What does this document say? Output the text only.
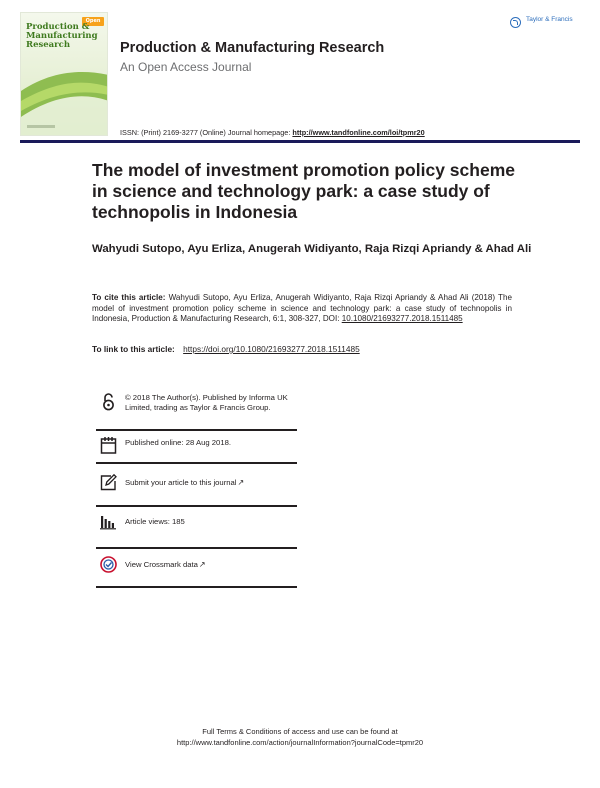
Open
Production &
Manufacturing
Research	Production & Manufacturing Research
An Open Access Journal
Taylor & Francis
ISSN: (Print) 2169-3277 (Online) Journal homepage: http://www.tandfonline.com/loi/tpmr20
The model of investment promotion policy scheme in science and technology park: a case study of technopolis in Indonesia
Wahyudi Sutopo, Ayu Erliza, Anugerah Widiyanto, Raja Rizqi Apriandy & Ahad Ali
To cite this article: Wahyudi Sutopo, Ayu Erliza, Anugerah Widiyanto, Raja Rizqi Apriandy & Ahad Ali (2018) The model of investment promotion policy scheme in science and technology park: a case study of technopolis in Indonesia, Production & Manufacturing Research, 6:1, 308-327, DOI: 10.1080/21693277.2018.1511485
To link to this article: https://doi.org/10.1080/21693277.2018.1511485
© 2018 The Author(s). Published by Informa UK Limited, trading as Taylor & Francis Group.
Published online: 28 Aug 2018.
Submit your article to this journal↗
Article views: 185
View Crossmark data↗
Full Terms & Conditions of access and use can be found at
http://www.tandfonline.com/action/journalInformation?journalCode=tpmr20
